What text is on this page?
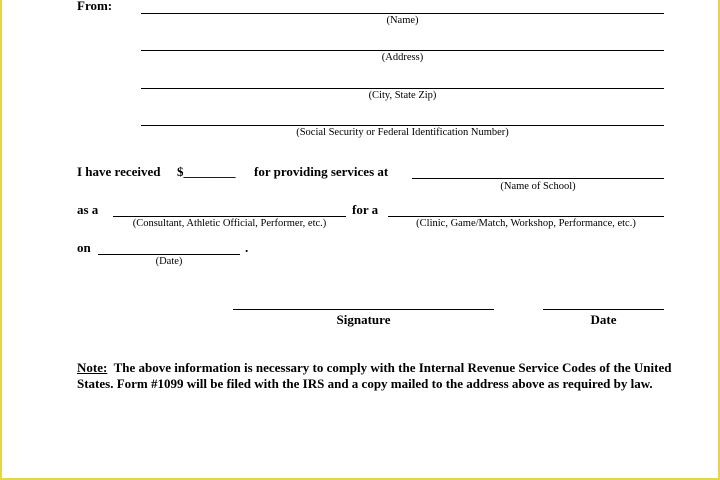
From:
(Name)
(Address)
(City, State Zip)
(Social Security or Federal Identification Number)
I have received $________ for providing services at
(Name of School)
as a
(Consultant, Athletic Official, Performer, etc.)
for a
(Clinic, Game/Match, Workshop, Performance, etc.)
on	.
(Date)
Signature	Date
Note: The above information is necessary to comply with the Internal Revenue Service Codes of the United States. Form #1099 will be filed with the IRS and a copy mailed to the address above as required by law.
